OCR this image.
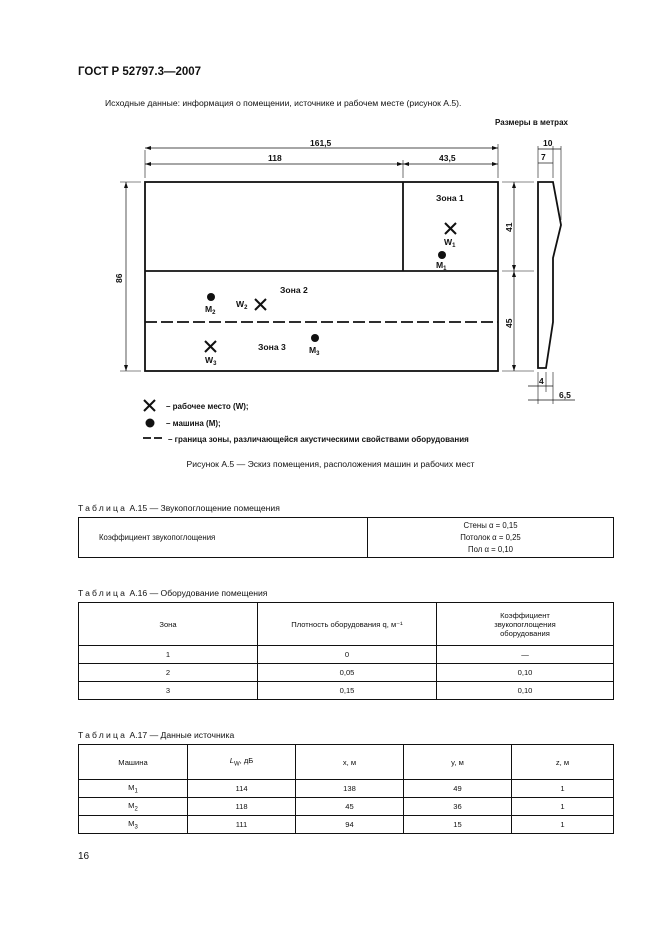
ГОСТ Р 52797.3—2007
Исходные данные: информация о помещении, источнике и рабочем месте (рисунок А.5).
Размеры в метрах
161,5
118	43,5
10
7
86
41
45
4
6,5
Зона 1
Зона 2
Зона 3
$W_1$
$M_1$
$M_2$
$W_2$
$W_3$
$M_3$
– рабочее место (W);
– машина (М);
– граница зоны, различающейся акустическими свойствами оборудования
Рисунок А.5 — Эскиз помещения, расположения машин и рабочих мест
Таблица А.15 — Звукопоглощение помещения
Коэффициент звукопоглощения	
Стены α = 0,15
Потолок α = 0,25
Пол α = 0,10
Таблица А.16 — Оборудование помещения
Зона	Плотность оборудования q, м⁻¹	Коэффициент звукопоглощения оборудования
1	0	—
2	0,05	0,10
3	0,15	0,10
Таблица А.17 — Данные источника
Машина	$L_W$, дБ	x, м	y, м	z, м
$M_1$	114	138	49	1
$M_2$	118	45	36	1
$M_3$	111	94	15	1
16
